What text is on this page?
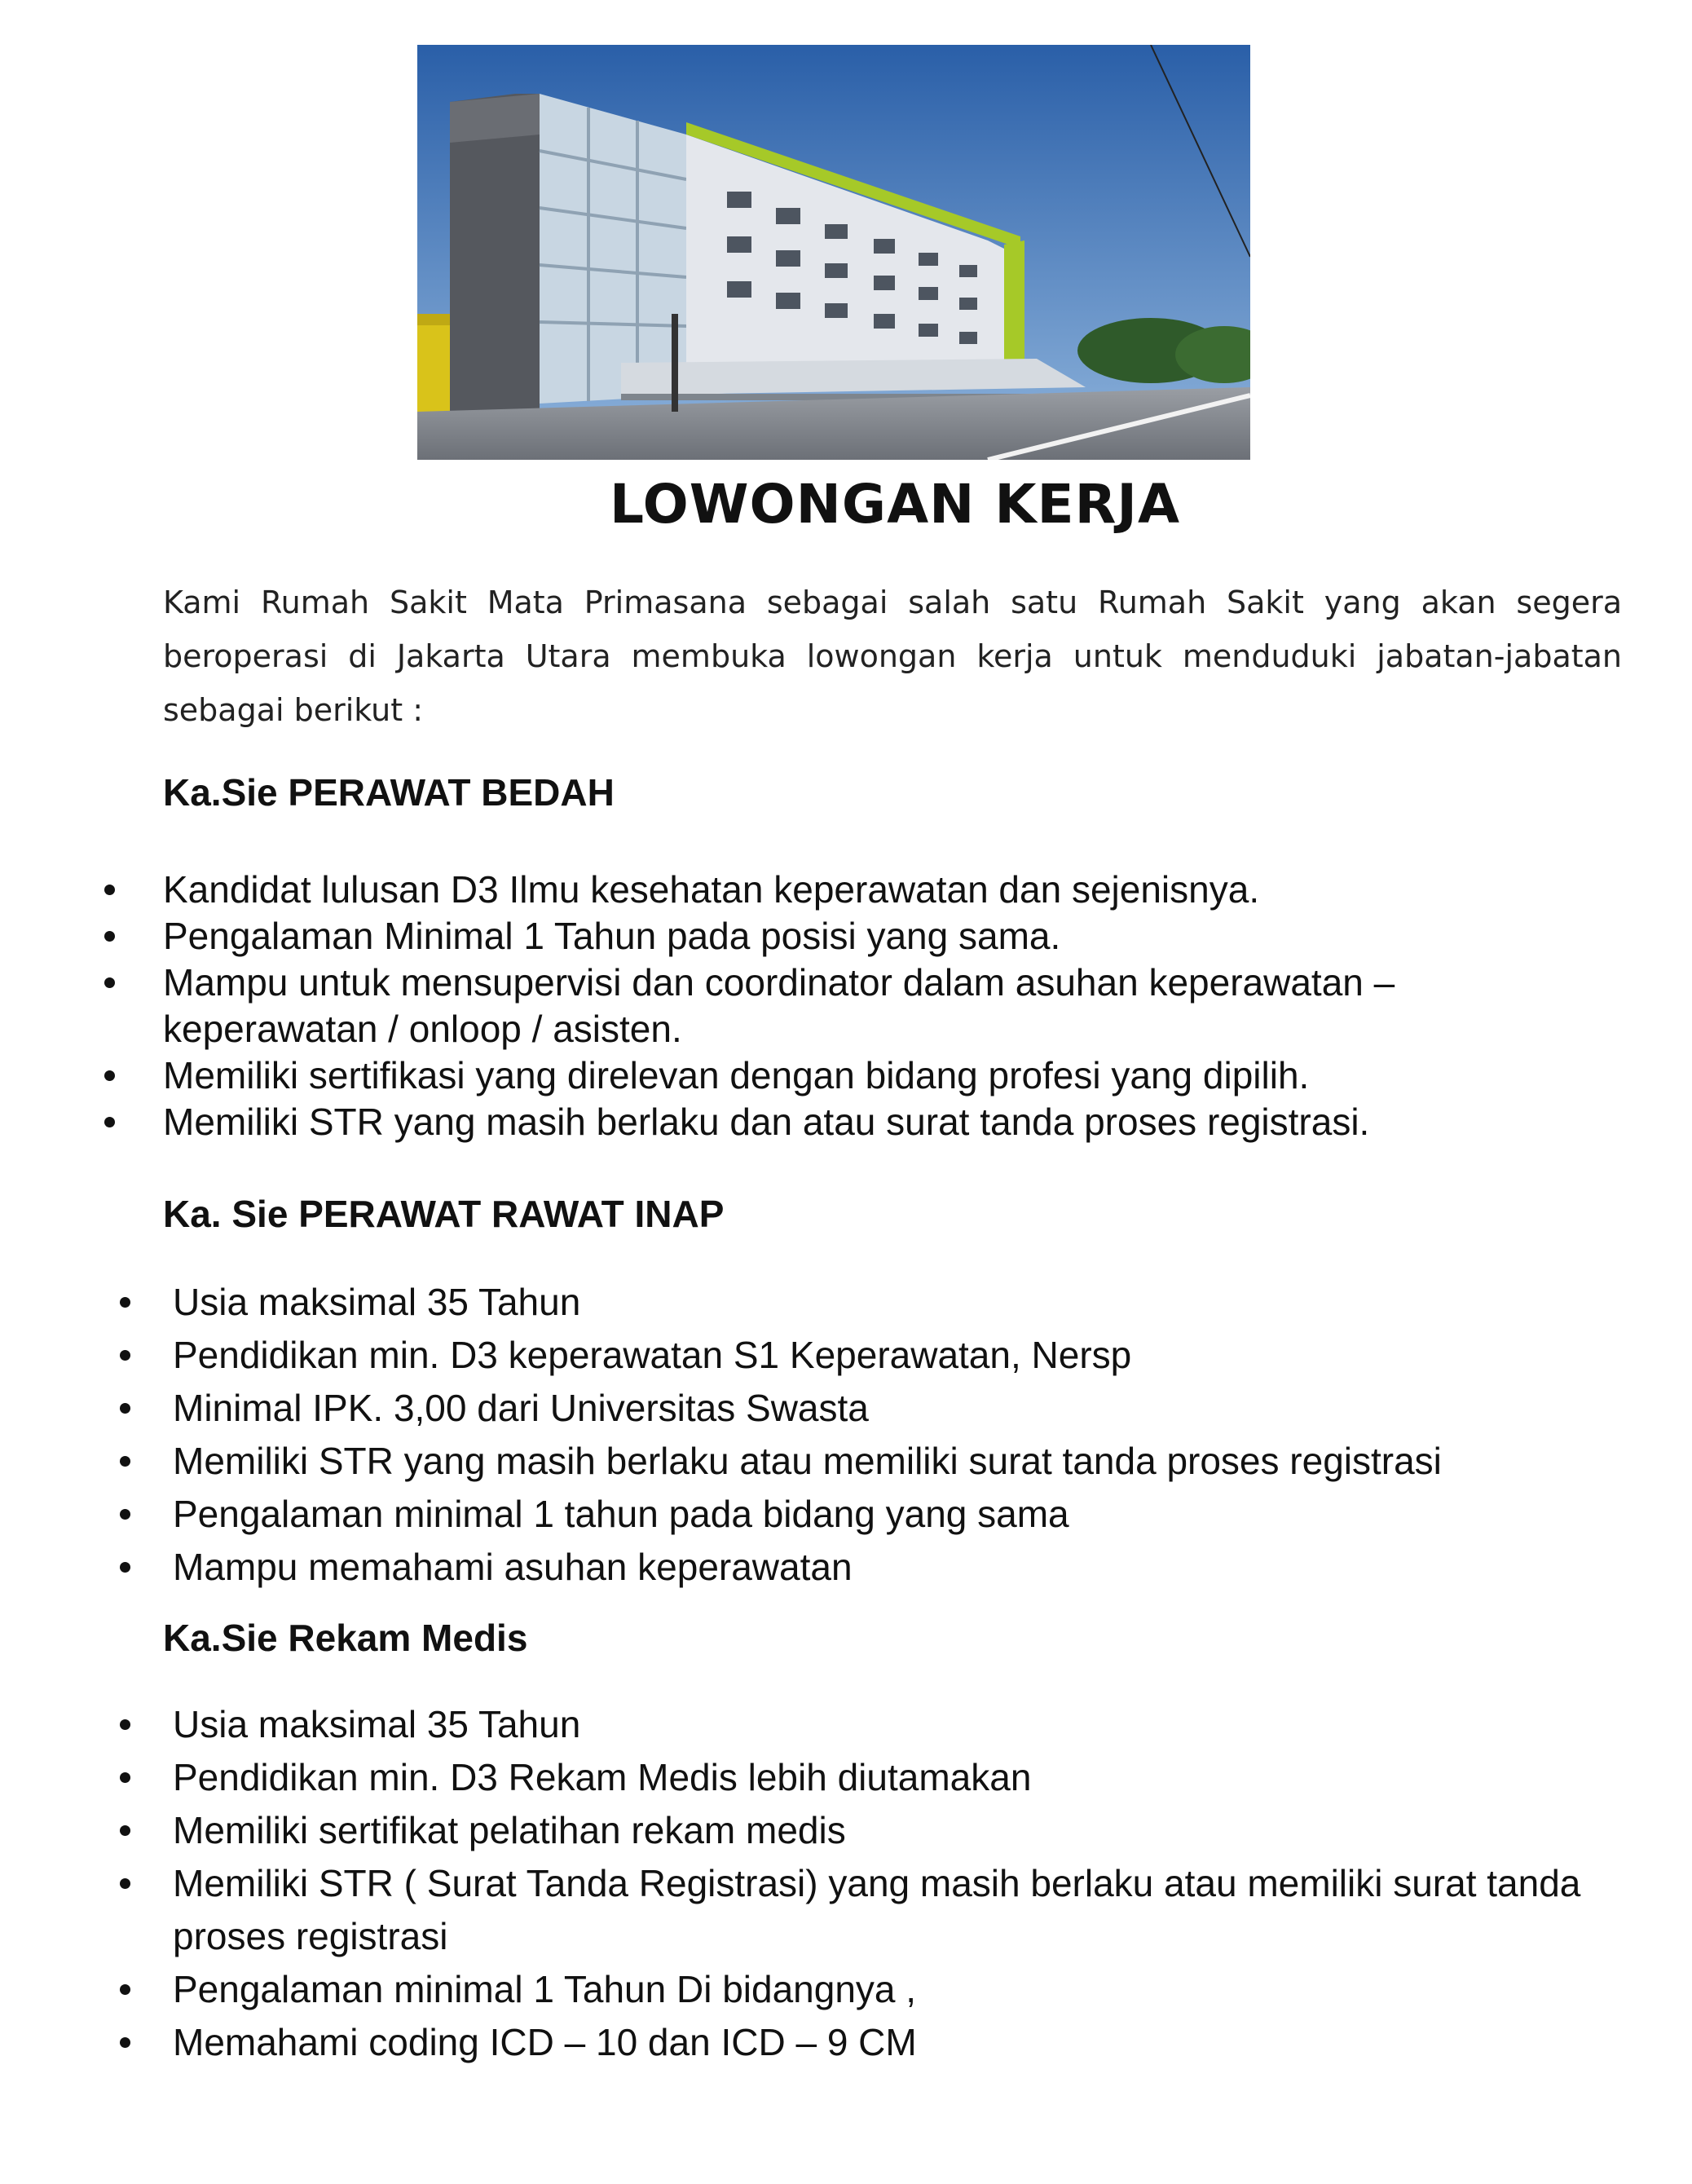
LOWONGAN KERJA

Kami Rumah Sakit Mata Primasana sebagai salah satu Rumah Sakit yang akan segera beroperasi di Jakarta Utara membuka lowongan kerja untuk menduduki jabatan-jabatan sebagai berikut :

Ka.Sie PERAWAT BEDAH
Kandidat lulusan D3 Ilmu kesehatan keperawatan dan sejenisnya.
Pengalaman Minimal 1 Tahun pada posisi yang sama.
Mampu untuk mensupervisi dan coordinator dalam asuhan keperawatan – keperawatan / onloop / asisten.
Memiliki sertifikasi yang direlevan dengan bidang profesi yang dipilih.
Memiliki STR yang masih berlaku dan atau surat tanda proses registrasi.
Ka. Sie PERAWAT RAWAT INAP
Usia maksimal 35 Tahun
Pendidikan min. D3 keperawatan S1 Keperawatan, Nersp
Minimal IPK. 3,00 dari Universitas Swasta
Memiliki STR yang masih berlaku atau memiliki surat tanda proses registrasi
Pengalaman minimal 1 tahun pada bidang yang sama
Mampu memahami asuhan keperawatan
Ka.Sie Rekam Medis
Usia maksimal 35 Tahun
Pendidikan min. D3 Rekam Medis lebih diutamakan
Memiliki sertifikat pelatihan rekam medis
Memiliki STR ( Surat Tanda Registrasi) yang masih berlaku atau memiliki surat tanda proses registrasi
Pengalaman minimal 1 Tahun Di bidangnya ,
Memahami coding ICD – 10 dan ICD – 9 CM
